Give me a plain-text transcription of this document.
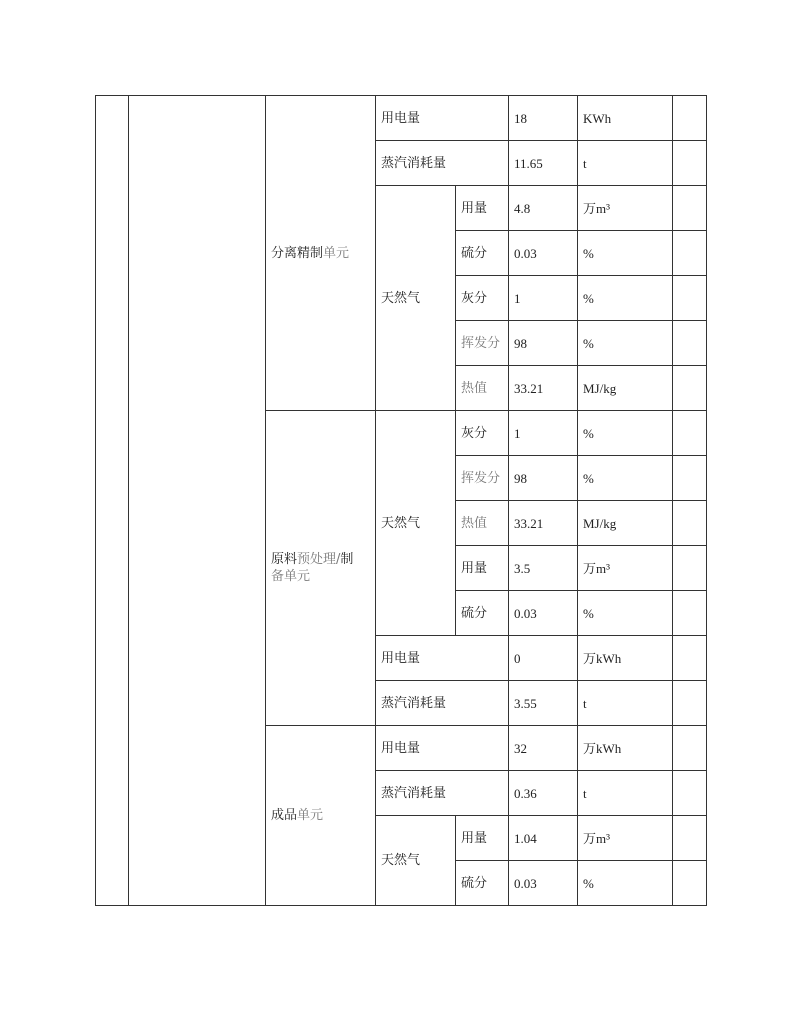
		分离精制单元	用电量		18	KWh	
			蒸汽消耗量		11.65	t	
			天然气	用量	4.8	万m³	
				硫分	0.03	%	
				灰分	1	%	
				挥发分	98	%	
				热值	33.21	MJ/kg	
		原料预处理/制
备单元	天然气	灰分	1	%	
				挥发分	98	%	
				热值	33.21	MJ/kg	
				用量	3.5	万m³	
				硫分	0.03	%	
			用电量		0	万kWh	
			蒸汽消耗量		3.55	t	
		成品单元	用电量		32	万kWh	
			蒸汽消耗量		0.36	t	
			天然气	用量	1.04	万m³	
				硫分	0.03	%	
